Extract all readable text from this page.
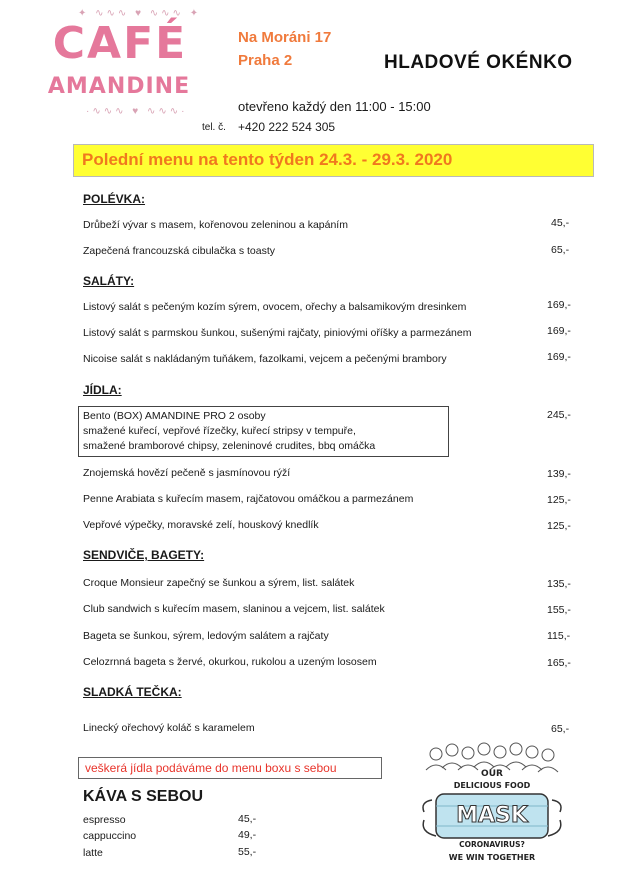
✦ ∿∿∿ ♥ ∿∿∿ ✦
CAFÉ
AMANDINE
·∿∿∿ ♥ ∿∿∿·
Na Moráni 17
Praha 2	HLADOVÉ OKÉNKO
otevřeno každý den 11:00 - 15:00
tel. č. +420 222 524 305
Polední menu na tento týden 24.3. - 29.3. 2020
POLÉVKA:
Drůbeží vývar s masem, kořenovou zeleninou a kapáním	45,-
Zapečená francouzská cibulačka s toasty	65,-
SALÁTY:
Listový salát s pečeným kozím sýrem, ovocem, ořechy a balsamikovým dresinkem	169,-
Listový salát s parmskou šunkou, sušenými rajčaty, piniovými oříšky a parmezánem	169,-
Nicoise salát s nakládaným tuňákem, fazolkami, vejcem a pečenými brambory	169,-
JÍDLA:
Bento (BOX) AMANDINE PRO 2 osoby
smažené kuřecí, vepřové řízečky, kuřecí stripsy v tempuře,
smažené bramborové chipsy, zeleninové crudites, bbq omáčka
245,-
Znojemská hovězí pečeně s jasmínovou rýží	139,-
Penne Arabiata s kuřecím masem, rajčatovou omáčkou a parmezánem	125,-
Vepřové výpečky, moravské zelí, houskový knedlík	125,-
SENDVIČE, BAGETY:
Croque Monsieur zapečný se šunkou a sýrem, list. salátek	135,-
Club sandwich s kuřecím masem, slaninou a vejcem, list. salátek	155,-
Bageta se šunkou, sýrem, ledovým salátem a rajčaty	115,-
Celozrnná bageta s žervé, okurkou, rukolou a uzeným lososem	165,-
SLADKÁ TEČKA:
Linecký ořechový koláč s karamelem	65,-
veškerá jídla podáváme do menu boxu s sebou
KÁVA S SEBOU
espresso	45,-
cappuccino	49,-
latte	55,-
OUR
DELICIOUS FOOD
MASK
CORONAVIRUS?
WE WIN TOGETHER
